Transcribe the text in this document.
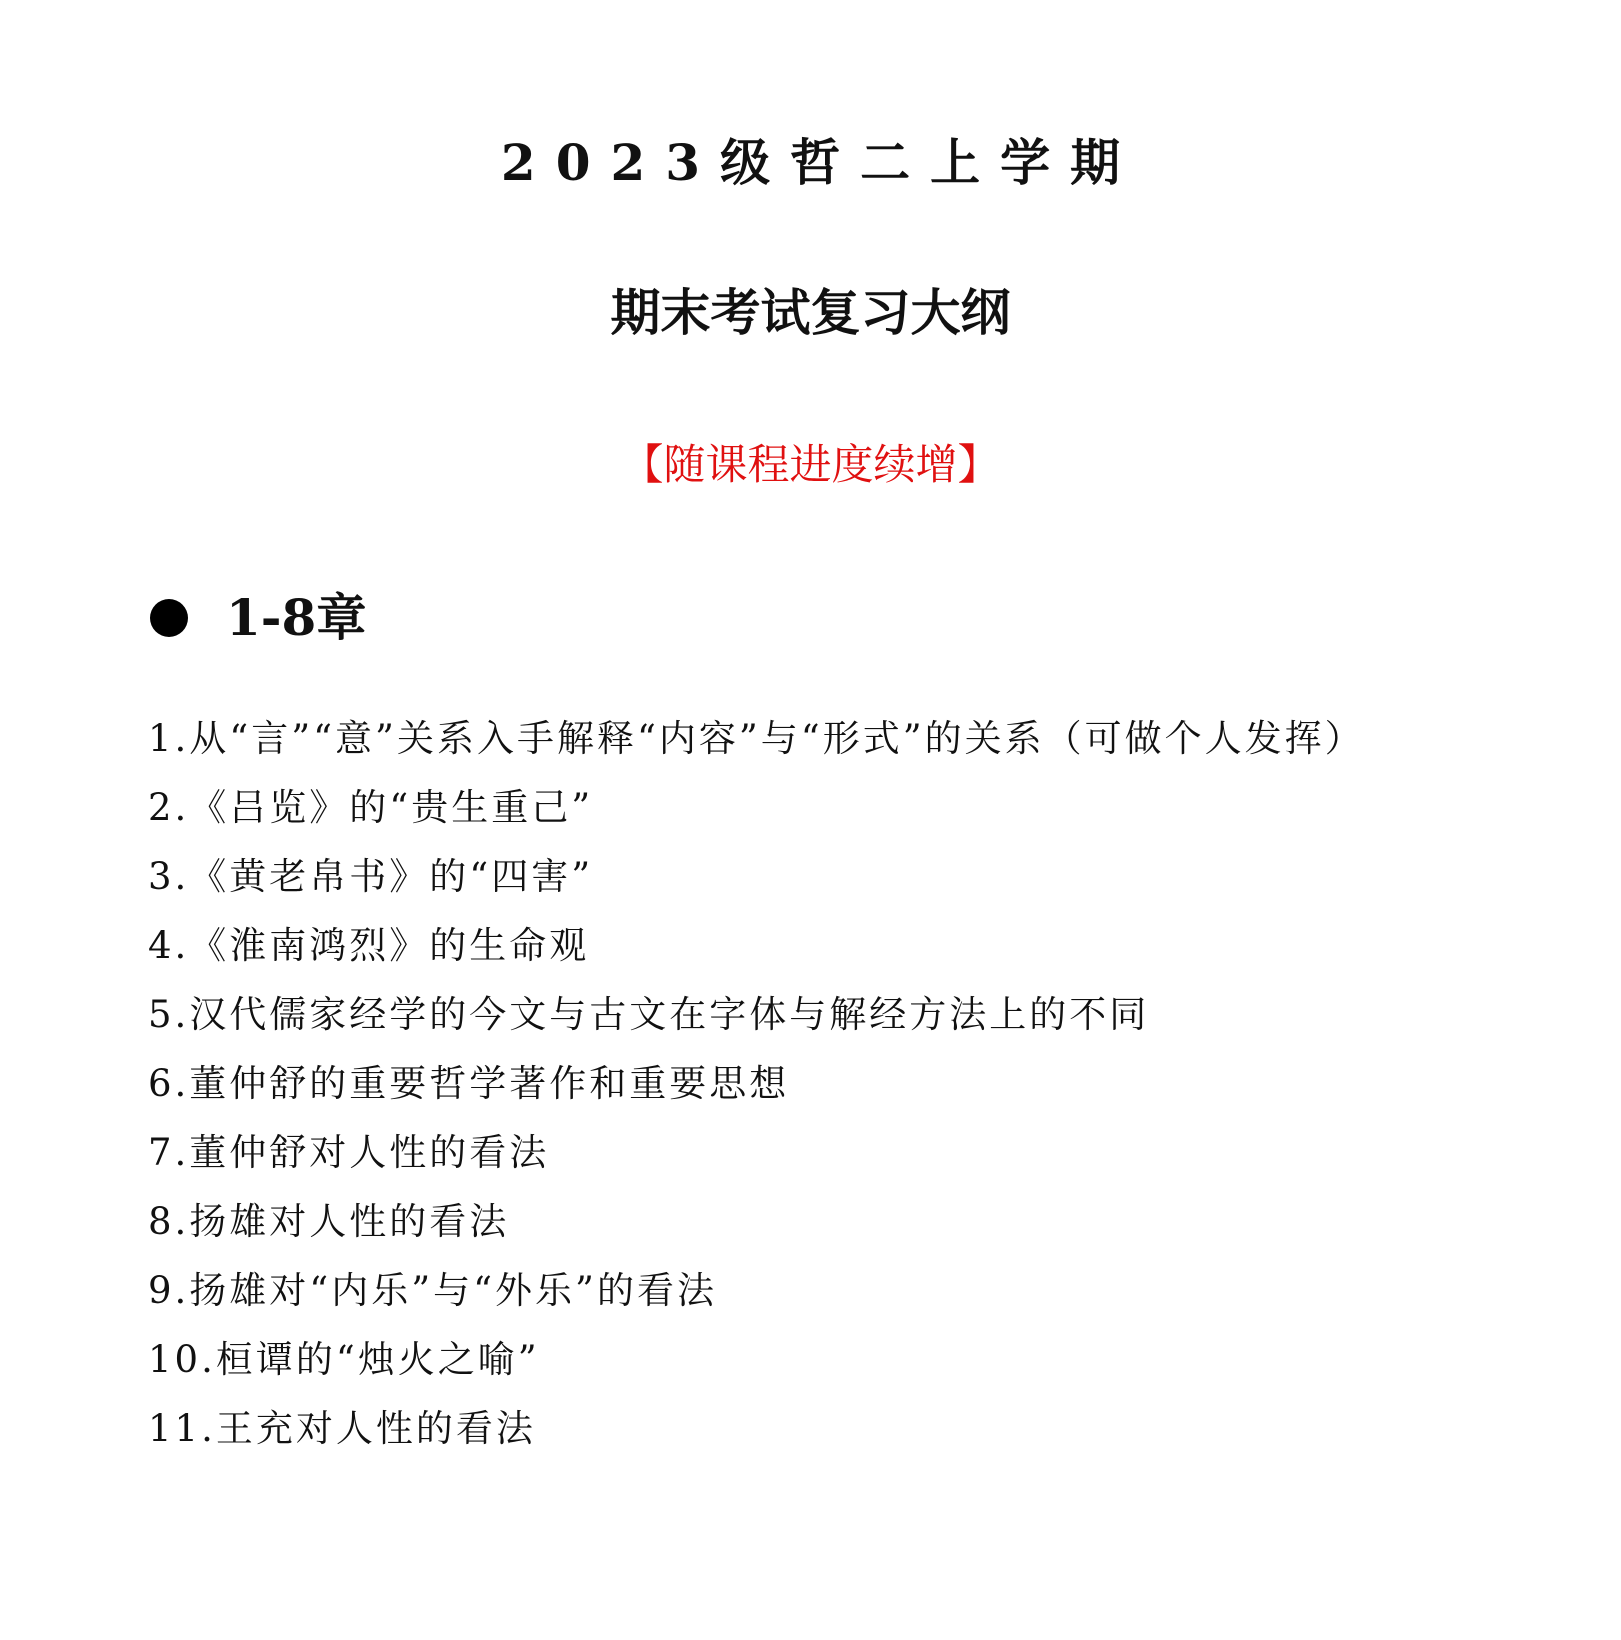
2023级哲二上学期
期末考试复习大纲
【随课程进度续增】
1-8章
1.从“言”“意”关系入手解释“内容”与“形式”的关系（可做个人发挥）
2.《吕览》的“贵生重己”
3.《黄老帛书》的“四害”
4.《淮南鸿烈》的生命观
5.汉代儒家经学的今文与古文在字体与解经方法上的不同
6.董仲舒的重要哲学著作和重要思想
7.董仲舒对人性的看法
8.扬雄对人性的看法
9.扬雄对“内乐”与“外乐”的看法
10.桓谭的“烛火之喻”
11.王充对人性的看法
